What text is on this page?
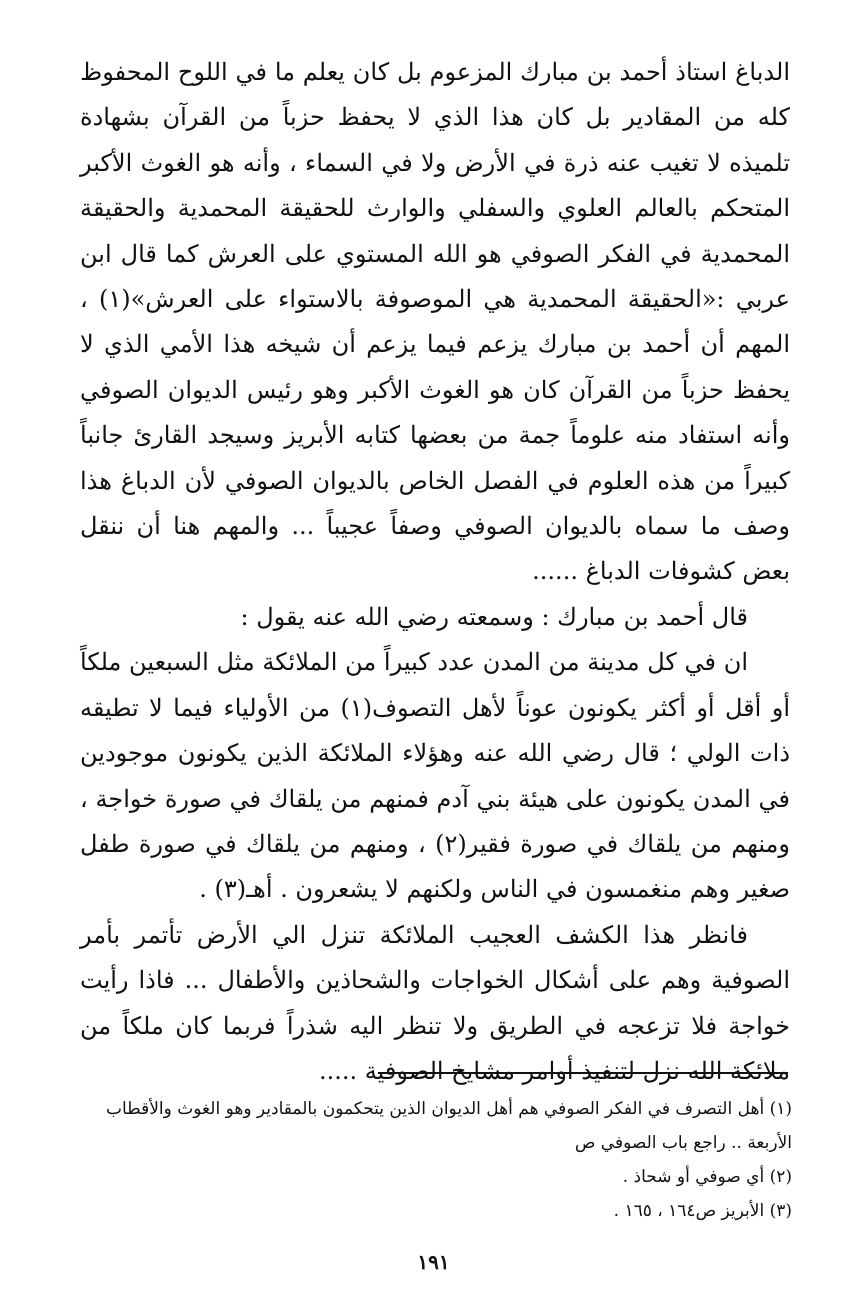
الدباغ استاذ أحمد بن مبارك المزعوم بل كان يعلم ما في اللوح المحفوظ كله من المقادير بل كان هذا الذي لا يحفظ حزباً من القرآن بشهادة تلميذه لا تغيب عنه ذرة في الأرض ولا في السماء ، وأنه هو الغوث الأكبر المتحكم بالعالم العلوي والسفلي والوارث للحقيقة المحمدية والحقيقة المحمدية في الفكر الصوفي هو الله المستوي على العرش كما قال ابن عربي :«الحقيقة المحمدية هي الموصوفة بالاستواء على العرش»(١) ، المهم أن أحمد بن مبارك يزعم فيما يزعم أن شيخه هذا الأمي الذي لا يحفظ حزباً من القرآن كان هو الغوث الأكبر وهو رئيس الديوان الصوفي وأنه استفاد منه علوماً جمة من بعضها كتابه الأبريز وسيجد القارئ جانباً كبيراً من هذه العلوم في الفصل الخاص بالديوان الصوفي لأن الدباغ هذا وصف ما سماه بالديوان الصوفي وصفاً عجيباً ... والمهم هنا أن ننقل بعض كشوفات الدباغ ......

قال أحمد بن مبارك : وسمعته رضي الله عنه يقول :

ان في كل مدينة من المدن عدد كبيراً من الملائكة مثل السبعين ملكاً أو أقل أو أكثر يكونون عوناً لأهل التصوف(١) من الأولياء فيما لا تطيقه ذات الولي ؛ قال رضي الله عنه وهؤلاء الملائكة الذين يكونون موجودين في المدن يكونون على هيئة بني آدم فمنهم من يلقاك في صورة خواجة ، ومنهم من يلقاك في صورة فقير(٢) ، ومنهم من يلقاك في صورة طفل صغير وهم منغمسون في الناس ولكنهم لا يشعرون . أهـ(٣) .

فانظر هذا الكشف العجيب الملائكة تنزل الي الأرض تأتمر بأمر الصوفية وهم على أشكال الخواجات والشحاذين والأطفال ... فاذا رأيت خواجة فلا تزعجه في الطريق ولا تنظر اليه شذراً فربما كان ملكاً من ملائكة الله نزل لتنفيذ أوامر مشايخ الصوفية .....

(١) أهل التصرف في الفكر الصوفي هم أهل الديوان الذين يتحكمون بالمقادير وهو الغوث والأقطاب الأربعة .. راجع باب الصوفي ص

(٢) أي صوفي أو شحاذ .

(٣) الأبريز ص١٦٤ ، ١٦٥ .

١٩١
